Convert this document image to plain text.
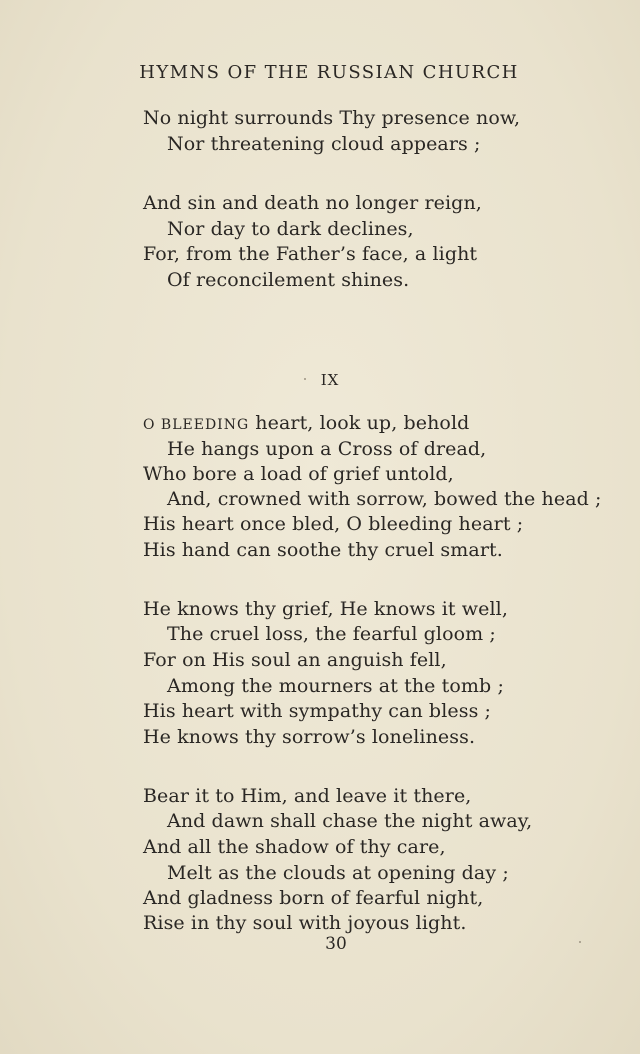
HYMNS OF THE RUSSIAN CHURCH
No night surrounds Thy presence now,
Nor threatening cloud appears ;
And sin and death no longer reign,
Nor day to dark declines,
For, from the Father’s face, a light
Of reconcilement shines.
IX
O BLEEDING heart, look up, behold
He hangs upon a Cross of dread,
Who bore a load of grief untold,
And, crowned with sorrow, bowed the head ;
His heart once bled, O bleeding heart ;
His hand can soothe thy cruel smart.
He knows thy grief, He knows it well,
The cruel loss, the fearful gloom ;
For on His soul an anguish fell,
Among the mourners at the tomb ;
His heart with sympathy can bless ;
He knows thy sorrow’s loneliness.
Bear it to Him, and leave it there,
And dawn shall chase the night away,
And all the shadow of thy care,
Melt as the clouds at opening day ;
And gladness born of fearful night,
Rise in thy soul with joyous light.
30
